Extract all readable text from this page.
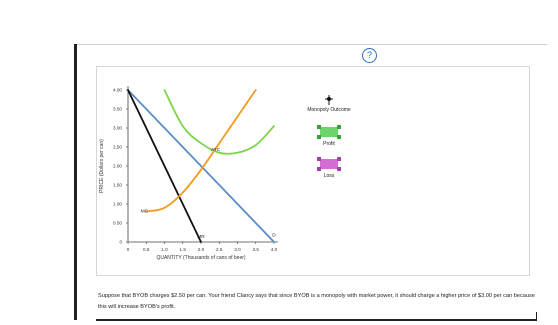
?
0	0.5	1.0	1.5	2.0	2.5	3.0	3.5	4.0
0
0.50
1.00
1.50
2.00
2.50
3.00
3.50
4.00
QUANTITY (Thousands of cans of beer)
PRICE (Dollars per can)
D
MR
MC
ATC
Monopoly Outcome
Profit
Loss
Suppose that BYOB charges $2.50 per can. Your friend Clancy says that since BYOB is a monopoly with market power, it should charge a higher price of $3.00 per can because this will increase BYOB's profit.
